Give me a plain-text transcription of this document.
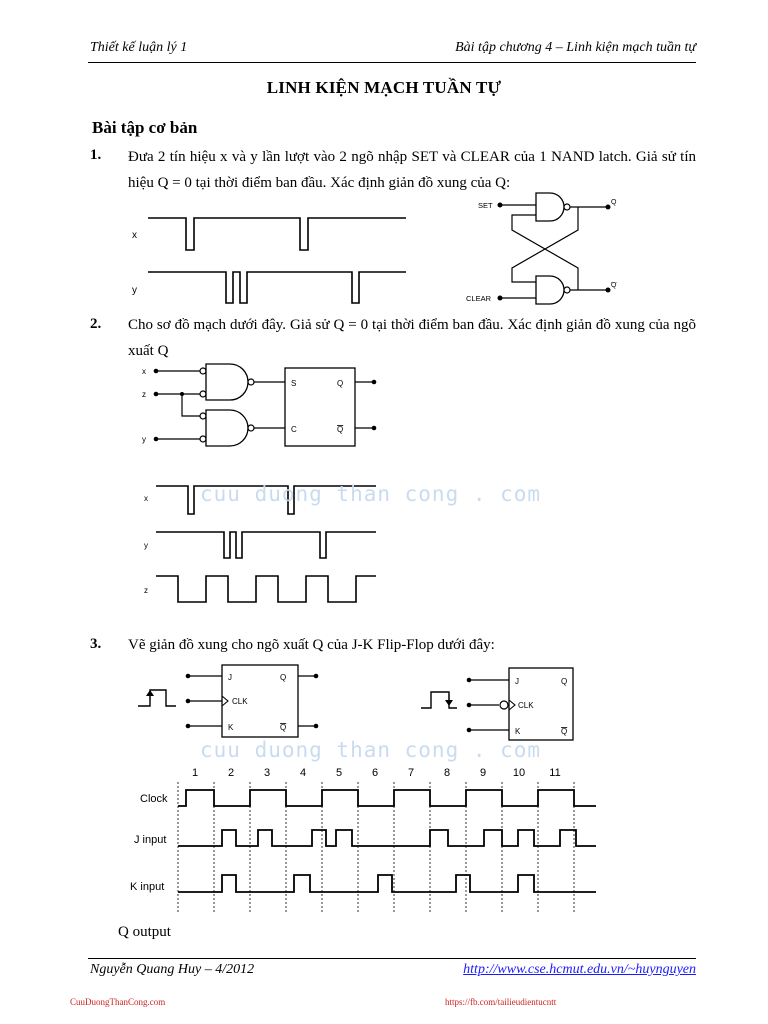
Thiết kế luận lý 1	Bài tập chương 4 – Linh kiện mạch tuần tự
LINH KIỆN MẠCH TUẦN TỰ
Bài tập cơ bản
1. Đưa 2 tín hiệu x và y lần lượt vào 2 ngõ nhập SET và CLEAR của 1 NAND latch. Giả sử tín hiệu Q = 0 tại thời điểm ban đầu. Xác định giản đồ xung của Q:
x
y
SET
CLEAR
Q
Q
2. Cho sơ đồ mạch dưới đây. Giả sử Q = 0 tại thời điểm ban đầu. Xác định giản đồ xung của ngõ xuất Q
x
z
y
S
C
Q
Q
x
y
z
3. Vẽ giản đồ xung cho ngõ xuất Q của J-K Flip-Flop dưới đây:
J
CLK
K
Q
Q
J
CLK
K
Q
Q
1	2	3	4	5	6	7	8	9 10 11
Clock
J input
K input
Q output
cuu duong than cong . com
cuu duong than cong . com
Nguyễn Quang Huy – 4/2012	http://www.cse.hcmut.edu.vn/~huynguyen
CuuDuongThanCong.com	https://fb.com/tailieudientucntt
